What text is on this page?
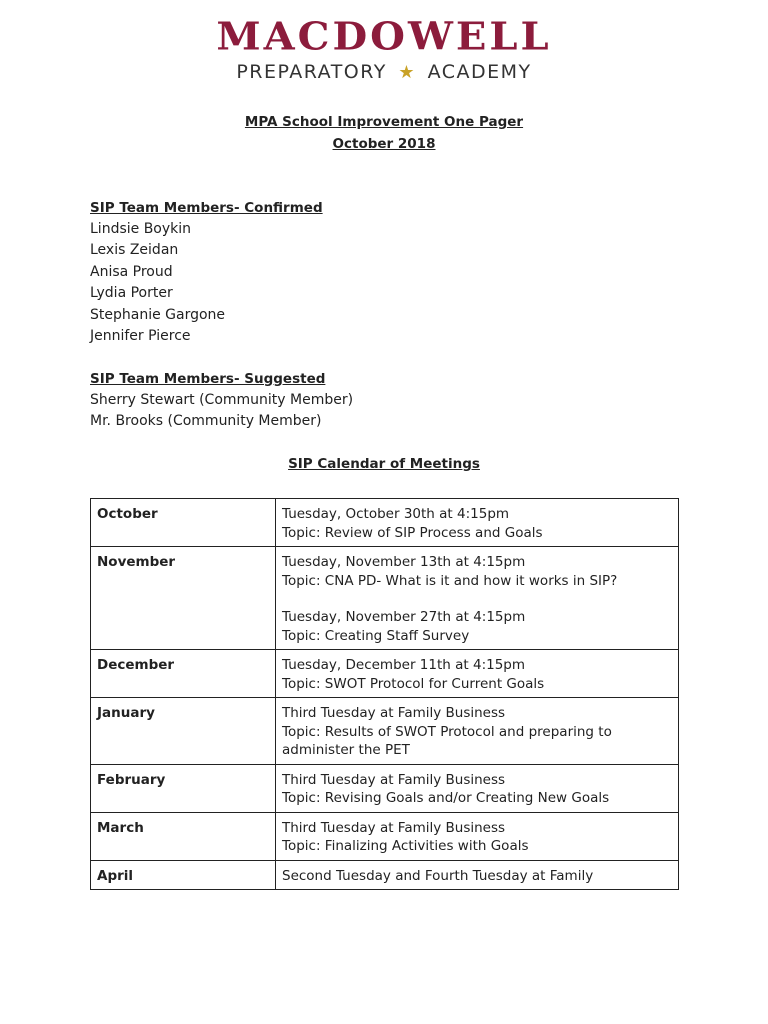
MACDOWELL
PREPARATORY ★ ACADEMY
MPA School Improvement One Pager
October 2018
SIP Team Members- Confirmed
Lindsie Boykin
Lexis Zeidan
Anisa Proud
Lydia Porter
Stephanie Gargone
Jennifer Pierce
SIP Team Members- Suggested
Sherry Stewart (Community Member)
Mr. Brooks (Community Member)
SIP Calendar of Meetings
October	Tuesday, October 30th at 4:15pm
Topic: Review of SIP Process and Goals

November	Tuesday, November 13th at 4:15pm
Topic: CNA PD- What is it and how it works in SIP?
Tuesday, November 27th at 4:15pm
Topic: Creating Staff Survey

December	Tuesday, December 11th at 4:15pm
Topic: SWOT Protocol for Current Goals

January	Third Tuesday at Family Business
Topic: Results of SWOT Protocol and preparing to
administer the PET

February	Third Tuesday at Family Business
Topic: Revising Goals and/or Creating New Goals

March	Third Tuesday at Family Business
Topic: Finalizing Activities with Goals

April	Second Tuesday and Fourth Tuesday at Family
